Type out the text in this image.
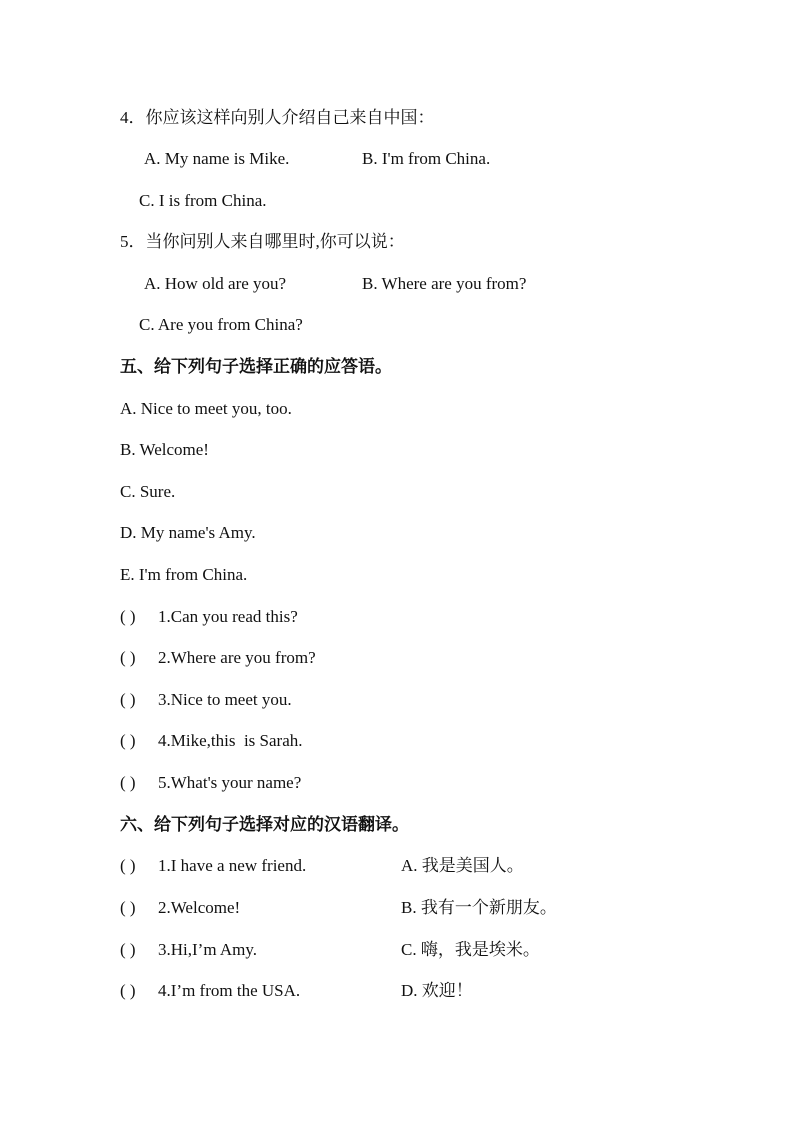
4．你应该这样向别人介绍自己来自中国：
A. My name is Mike.	B. I'm from China.
C. I is from China.
5．当你问别人来自哪里时,你可以说：
A. How old are you?	B. Where are you from?
C. Are you from China?
五、给下列句子选择正确的应答语。
A. Nice to meet you, too.
B. Welcome!
C. Sure.
D. My name's Amy.
E. I'm from China.
( ) 1.Can you read this?
( ) 2.Where are you from?
( ) 3.Nice to meet you.
( ) 4.Mike,this  is Sarah.
( ) 5.What's your name?
六、给下列句子选择对应的汉语翻译。
( ) 1.I have a new friend.	A. 我是美国人。
( ) 2.Welcome!	B. 我有一个新朋友。
( ) 3.Hi,I’m Amy.	C. 嗨，我是埃米。
( ) 4.I’m from the USA.	D. 欢迎！
